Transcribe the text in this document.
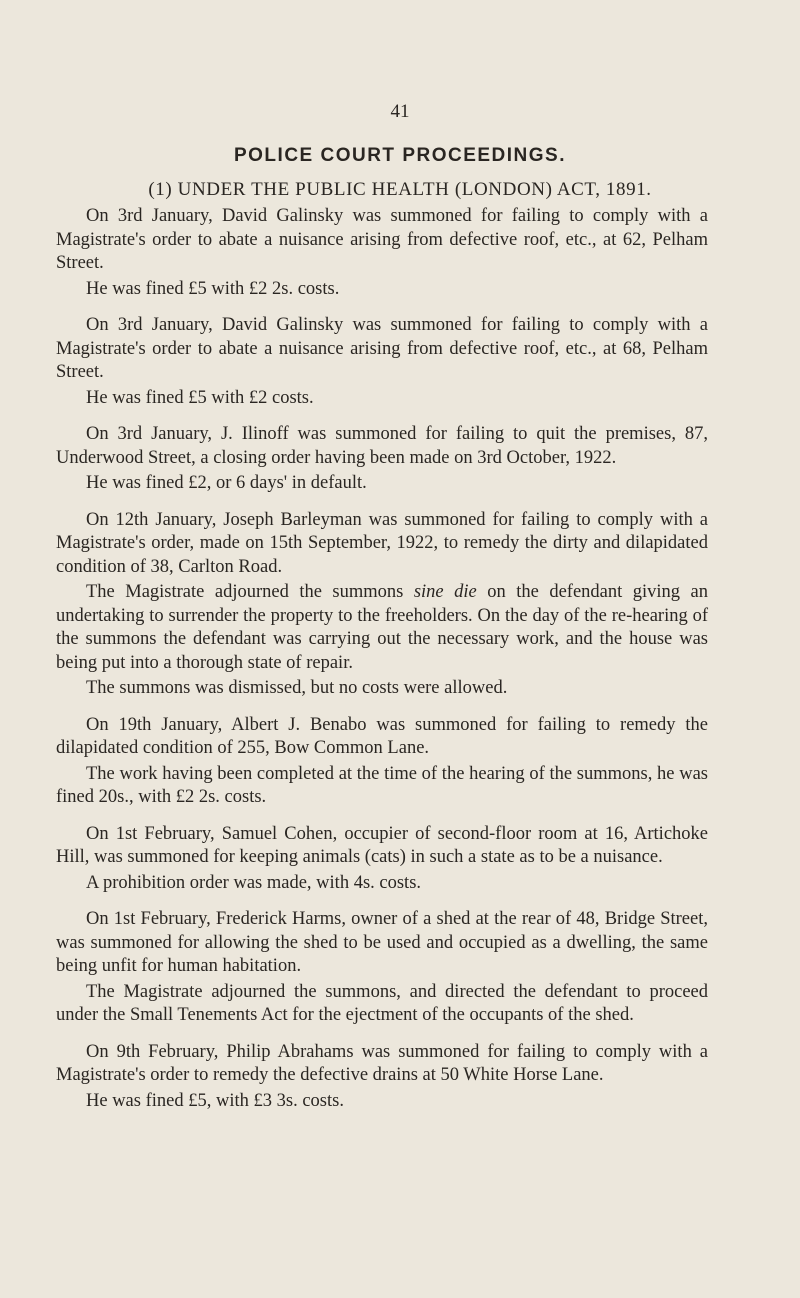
41
POLICE COURT PROCEEDINGS.
(1) UNDER THE PUBLIC HEALTH (LONDON) ACT, 1891.

On 3rd January, David Galinsky was summoned for failing to comply with a Magistrate's order to abate a nuisance arising from defective roof, etc., at 62, Pelham Street.

He was fined £5 with £2 2s. costs.

On 3rd January, David Galinsky was summoned for failing to comply with a Magistrate's order to abate a nuisance arising from defective roof, etc., at 68, Pelham Street.

He was fined £5 with £2 costs.

On 3rd January, J. Ilinoff was summoned for failing to quit the premises, 87, Underwood Street, a closing order having been made on 3rd October, 1922.

He was fined £2, or 6 days' in default.

On 12th January, Joseph Barleyman was summoned for failing to comply with a Magistrate's order, made on 15th September, 1922, to remedy the dirty and dilapidated condition of 38, Carlton Road.

The Magistrate adjourned the summons sine die on the defendant giving an undertaking to surrender the property to the freeholders. On the day of the re-hearing of the summons the defendant was carrying out the necessary work, and the house was being put into a thorough state of repair.

The summons was dismissed, but no costs were allowed.

On 19th January, Albert J. Benabo was summoned for failing to remedy the dilapidated condition of 255, Bow Common Lane.

The work having been completed at the time of the hearing of the summons, he was fined 20s., with £2 2s. costs.

On 1st February, Samuel Cohen, occupier of second-floor room at 16, Artichoke Hill, was summoned for keeping animals (cats) in such a state as to be a nuisance.

A prohibition order was made, with 4s. costs.

On 1st February, Frederick Harms, owner of a shed at the rear of 48, Bridge Street, was summoned for allowing the shed to be used and occupied as a dwelling, the same being unfit for human habitation.

The Magistrate adjourned the summons, and directed the defendant to proceed under the Small Tenements Act for the ejectment of the occupants of the shed.

On 9th February, Philip Abrahams was summoned for failing to comply with a Magistrate's order to remedy the defective drains at 50 White Horse Lane.

He was fined £5, with £3 3s. costs.
